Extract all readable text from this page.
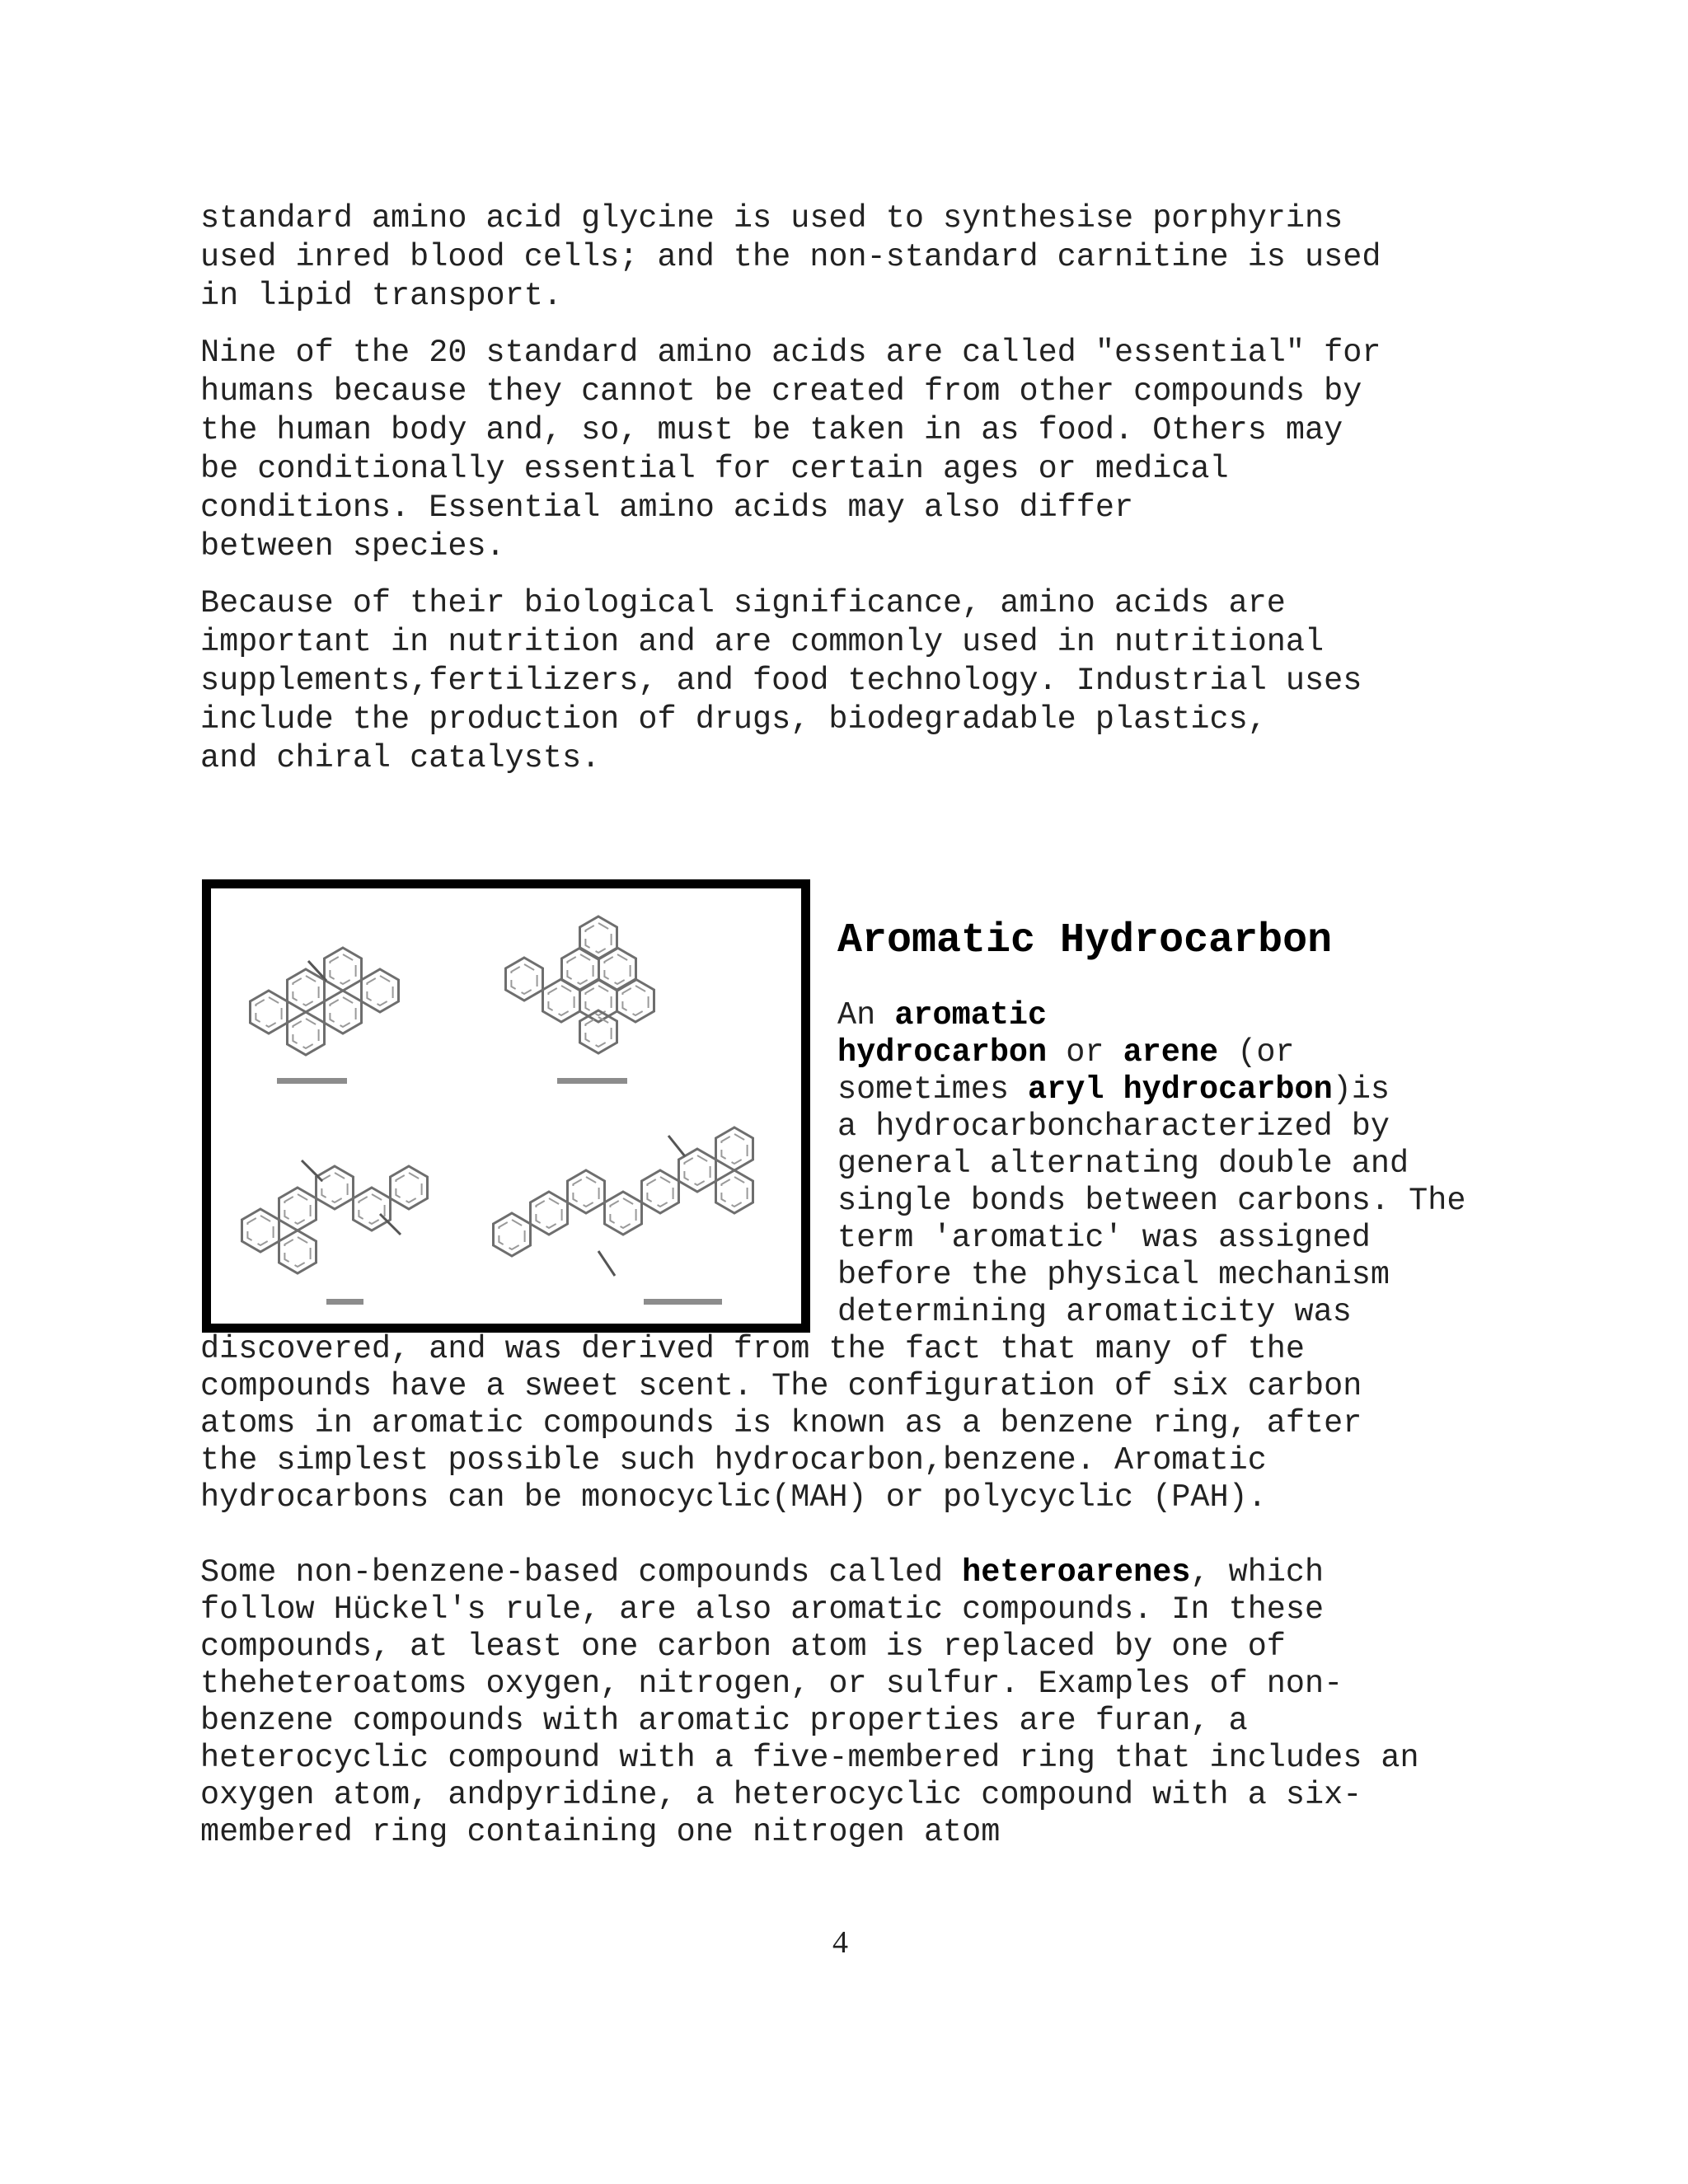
standard amino acid glycine is used to synthesise porphyrins
used inred blood cells; and the non-standard carnitine is used
in lipid transport.
Nine of the 20 standard amino acids are called "essential" for
humans because they cannot be created from other compounds by
the human body and, so, must be taken in as food. Others may
be conditionally essential for certain ages or medical
conditions. Essential amino acids may also differ
between species.
Because of their biological significance, amino acids are
important in nutrition and are commonly used in nutritional
supplements,fertilizers, and food technology. Industrial uses
include the production of drugs, biodegradable plastics,
and chiral catalysts.
Aromatic Hydrocarbon
An aromatic
hydrocarbon or arene (or
sometimes aryl hydrocarbon)is
a hydrocarboncharacterized by
general alternating double and
single bonds between carbons. The
term 'aromatic' was assigned
before the physical mechanism
determining aromaticity was
discovered, and was derived from the fact that many of the
compounds have a sweet scent. The configuration of six carbon
atoms in aromatic compounds is known as a benzene ring, after
the simplest possible such hydrocarbon,benzene. Aromatic
hydrocarbons can be monocyclic(MAH) or polycyclic (PAH).
Some non-benzene-based compounds called heteroarenes, which
follow Hückel's rule, are also aromatic compounds. In these
compounds, at least one carbon atom is replaced by one of
theheteroatoms oxygen, nitrogen, or sulfur. Examples of non-
benzene compounds with aromatic properties are furan, a
heterocyclic compound with a five-membered ring that includes an
oxygen atom, andpyridine, a heterocyclic compound with a six-
membered ring containing one nitrogen atom
4
